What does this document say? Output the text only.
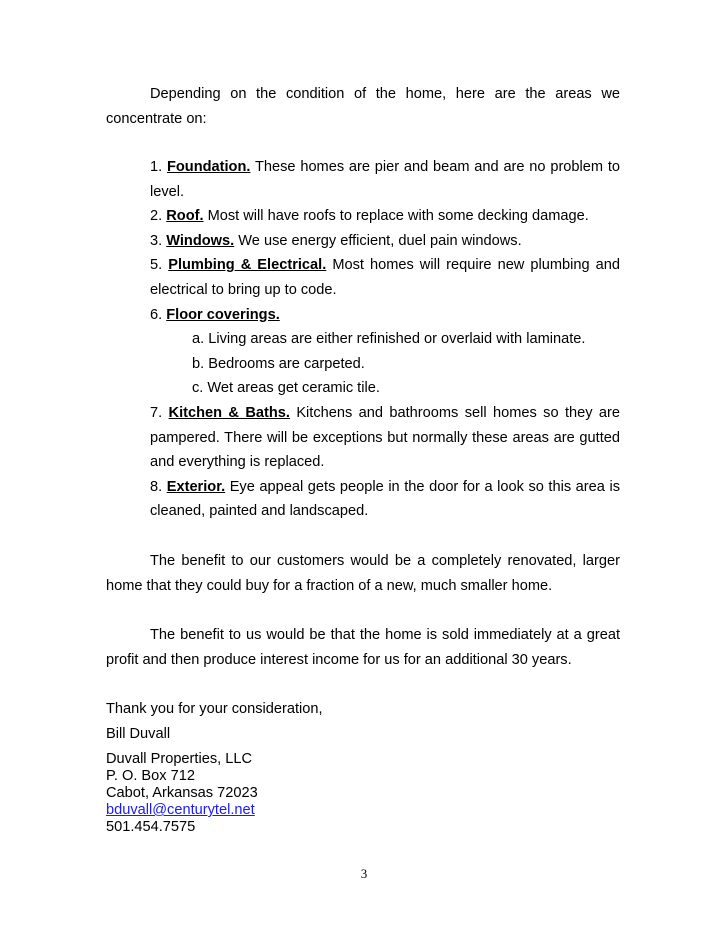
Depending on the condition of the home, here are the areas we
concentrate on:
1. Foundation. These homes are pier and beam and are no problem to
level.
2. Roof. Most will have roofs to replace with some decking damage.
3. Windows. We use energy efficient, duel pain windows.
5. Plumbing & Electrical. Most homes will require new plumbing and
electrical to bring up to code.
6. Floor coverings.
a. Living areas are either refinished or overlaid with laminate.
b. Bedrooms are carpeted.
c. Wet areas get ceramic tile.
7. Kitchen & Baths. Kitchens and bathrooms sell homes so they are
pampered. There will be exceptions but normally these areas are gutted
and everything is replaced.
8. Exterior. Eye appeal gets people in the door for a look so this area is
cleaned, painted and landscaped.
The benefit to our customers would be a completely renovated, larger
home that they could buy for a fraction of a new, much smaller home.
The benefit to us would be that the home is sold immediately at a great
profit and then produce interest income for us for an additional 30 years.
Thank you for your consideration,
Bill Duvall
Duvall Properties, LLC
P. O. Box 712
Cabot, Arkansas 72023
bduvall@centurytel.net
501.454.7575
3
